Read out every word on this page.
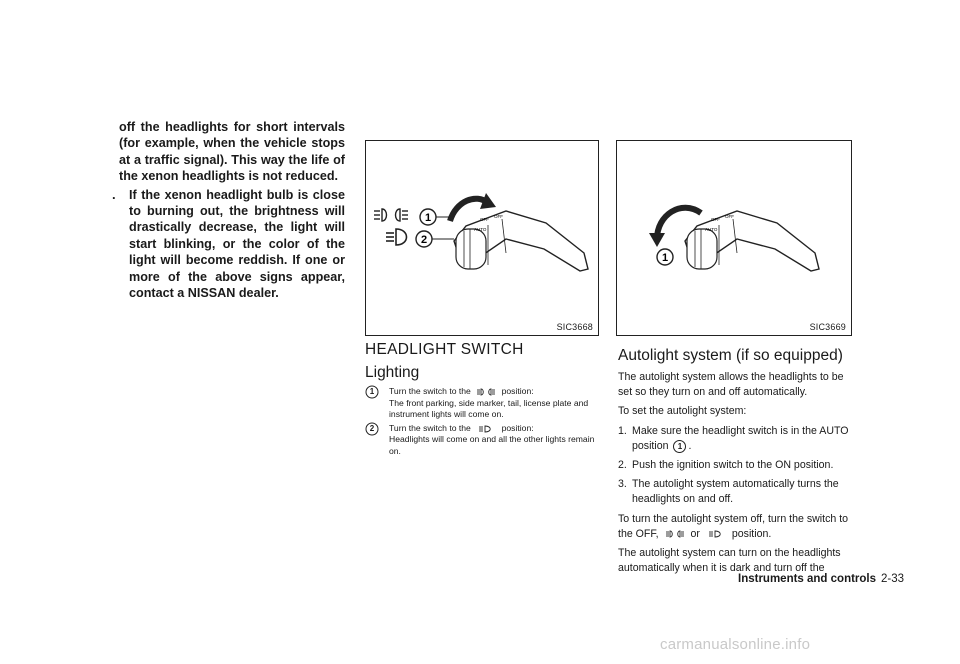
off the headlights for short intervals (for example, when the vehicle stops at a traffic signal). This way the life of the xenon headlights is not reduced.

. If the xenon headlight bulb is close to burning out, the brightness will drastically decrease, the light will start blinking, or the color of the light will become reddish. If one or more of the above signs appear, contact a NISSAN dealer.

1
2
OFF
OFF
AUTO
SIC3668
1
OFF
OFF
AUTO
SIC3669
HEADLIGHT SWITCH
Lighting
1	Turn the switch to the	position:
The front parking, side marker, tail, license plate and instrument lights will come on.
2	Turn the switch to the	position:
Headlights will come on and all the other lights remain on.
Autolight system (if so equipped)

The autolight system allows the headlights to be set so they turn on and off automatically.

To set the autolight system:

1. Make sure the headlight switch is in the AUTO position 1 .
2. Push the ignition switch to the ON position.
3. The autolight system automatically turns the headlights on and off.

To turn the autolight system off, turn the switch to the OFF,	or	position.

The autolight system can turn on the headlights automatically when it is dark and turn off the

Instruments and controls 2-33
carmanualsonline.info
